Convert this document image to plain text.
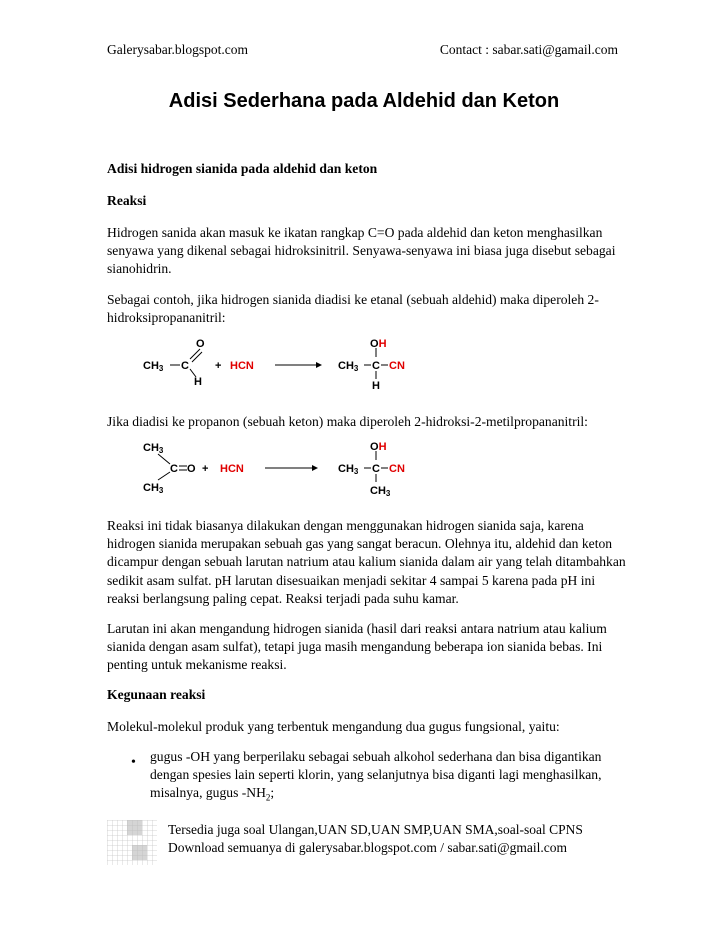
Galerysabar.blogspot.com	Contact : sabar.sati@gamail.com
Adisi Sederhana pada Aldehid dan Keton

Adisi hidrogen sianida pada aldehid dan keton

Reaksi

Hidrogen sanida akan masuk ke ikatan rangkap C=O pada aldehid dan keton menghasilkan senyawa yang dikenal sebagai hidroksinitril. Senyawa-senyawa ini biasa juga disebut sebagai sianohidrin.

Sebagai contoh, jika hidrogen sianida diadisi ke etanal (sebuah aldehid) maka diperoleh 2-hidroksipropananitril:

CH3 C
O
H
+ HCN	CH3 C
OH
CN
H

Jika diadisi ke propanon (sebuah keton) maka diperoleh 2-hidroksi-2-metilpropananitril:

CH3
CH3
C O + HCN	CH3 C
OH
CN
CH3

Reaksi ini tidak biasanya dilakukan dengan menggunakan hidrogen sianida saja, karena hidrogen sianida merupakan sebuah gas yang sangat beracun. Olehnya itu, aldehid dan keton dicampur dengan sebuah larutan natrium atau kalium sianida dalam air yang telah ditambahkan sedikit asam sulfat. pH larutan disesuaikan menjadi sekitar 4 sampai 5 karena pada pH ini reaksi berlangsung paling cepat. Reaksi terjadi pada suhu kamar.

Larutan ini akan mengandung hidrogen sianida (hasil dari reaksi antara natrium atau kalium sianida dengan asam sulfat), tetapi juga masih mengandung beberapa ion sianida bebas. Ini penting untuk mekanisme reaksi.

Kegunaan reaksi

Molekul-molekul produk yang terbentuk mengandung dua gugus fungsional, yaitu:

• gugus -OH yang berperilaku sebagai sebuah alkohol sederhana dan bisa digantikan dengan spesies lain seperti klorin, yang selanjutnya bisa diganti lagi menghasilkan, misalnya, gugus $-NH_2$;

Tersedia juga soal Ulangan,UAN SD,UAN SMP,UAN SMA,soal-soal CPNS
Download semuanya di galerysabar.blogspot.com / sabar.sati@gmail.com
